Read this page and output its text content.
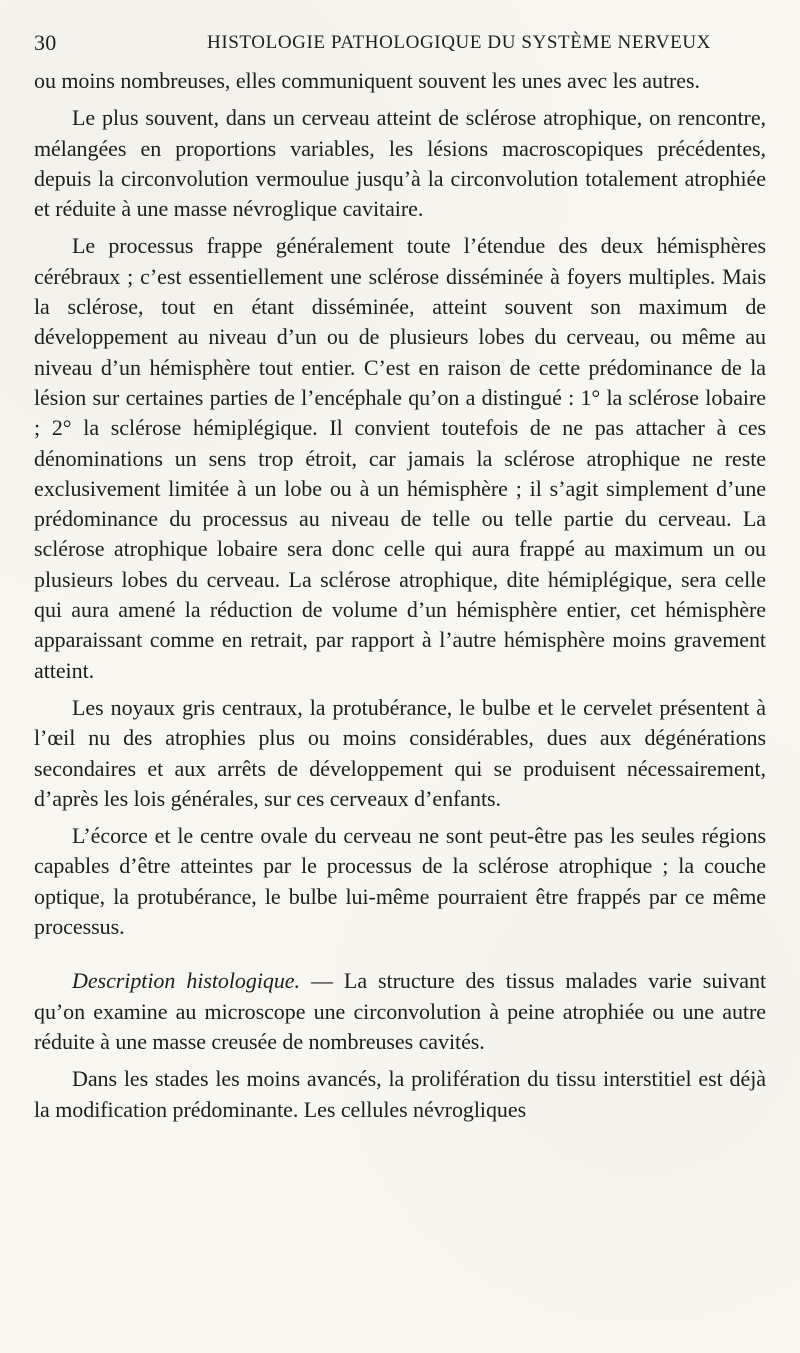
30	HISTOLOGIE PATHOLOGIQUE DU SYSTÈME NERVEUX

ou moins nombreuses, elles communiquent souvent les unes avec les autres.

Le plus souvent, dans un cerveau atteint de sclérose atrophique, on rencontre, mélangées en proportions variables, les lésions macroscopiques précédentes, depuis la circonvolution vermoulue jusqu’à la circonvolution totalement atrophiée et réduite à une masse névroglique cavitaire.

Le processus frappe généralement toute l’étendue des deux hémisphères cérébraux ; c’est essentiellement une sclérose disséminée à foyers multiples. Mais la sclérose, tout en étant disséminée, atteint souvent son maximum de développement au niveau d’un ou de plusieurs lobes du cerveau, ou même au niveau d’un hémisphère tout entier. C’est en raison de cette prédominance de la lésion sur certaines parties de l’encéphale qu’on a distingué : 1° la sclérose lobaire ; 2° la sclérose hémiplégique. Il convient toutefois de ne pas attacher à ces dénominations un sens trop étroit, car jamais la sclérose atrophique ne reste exclusivement limitée à un lobe ou à un hémisphère ; il s’agit simplement d’une prédominance du processus au niveau de telle ou telle partie du cerveau. La sclérose atrophique lobaire sera donc celle qui aura frappé au maximum un ou plusieurs lobes du cerveau. La sclérose atrophique, dite hémiplégique, sera celle qui aura amené la réduction de volume d’un hémisphère entier, cet hémisphère apparaissant comme en retrait, par rapport à l’autre hémisphère moins gravement atteint.

Les noyaux gris centraux, la protubérance, le bulbe et le cervelet présentent à l’œil nu des atrophies plus ou moins considérables, dues aux dégénérations secondaires et aux arrêts de développement qui se produisent nécessairement, d’après les lois générales, sur ces cerveaux d’enfants.

L’écorce et le centre ovale du cerveau ne sont peut-être pas les seules régions capables d’être atteintes par le processus de la sclérose atrophique ; la couche optique, la protubérance, le bulbe lui-même pourraient être frappés par ce même processus.

Description histologique. — La structure des tissus malades varie suivant qu’on examine au microscope une circonvolution à peine atrophiée ou une autre réduite à une masse creusée de nombreuses cavités.

Dans les stades les moins avancés, la prolifération du tissu interstitiel est déjà la modification prédominante. Les cellules névrogliques
